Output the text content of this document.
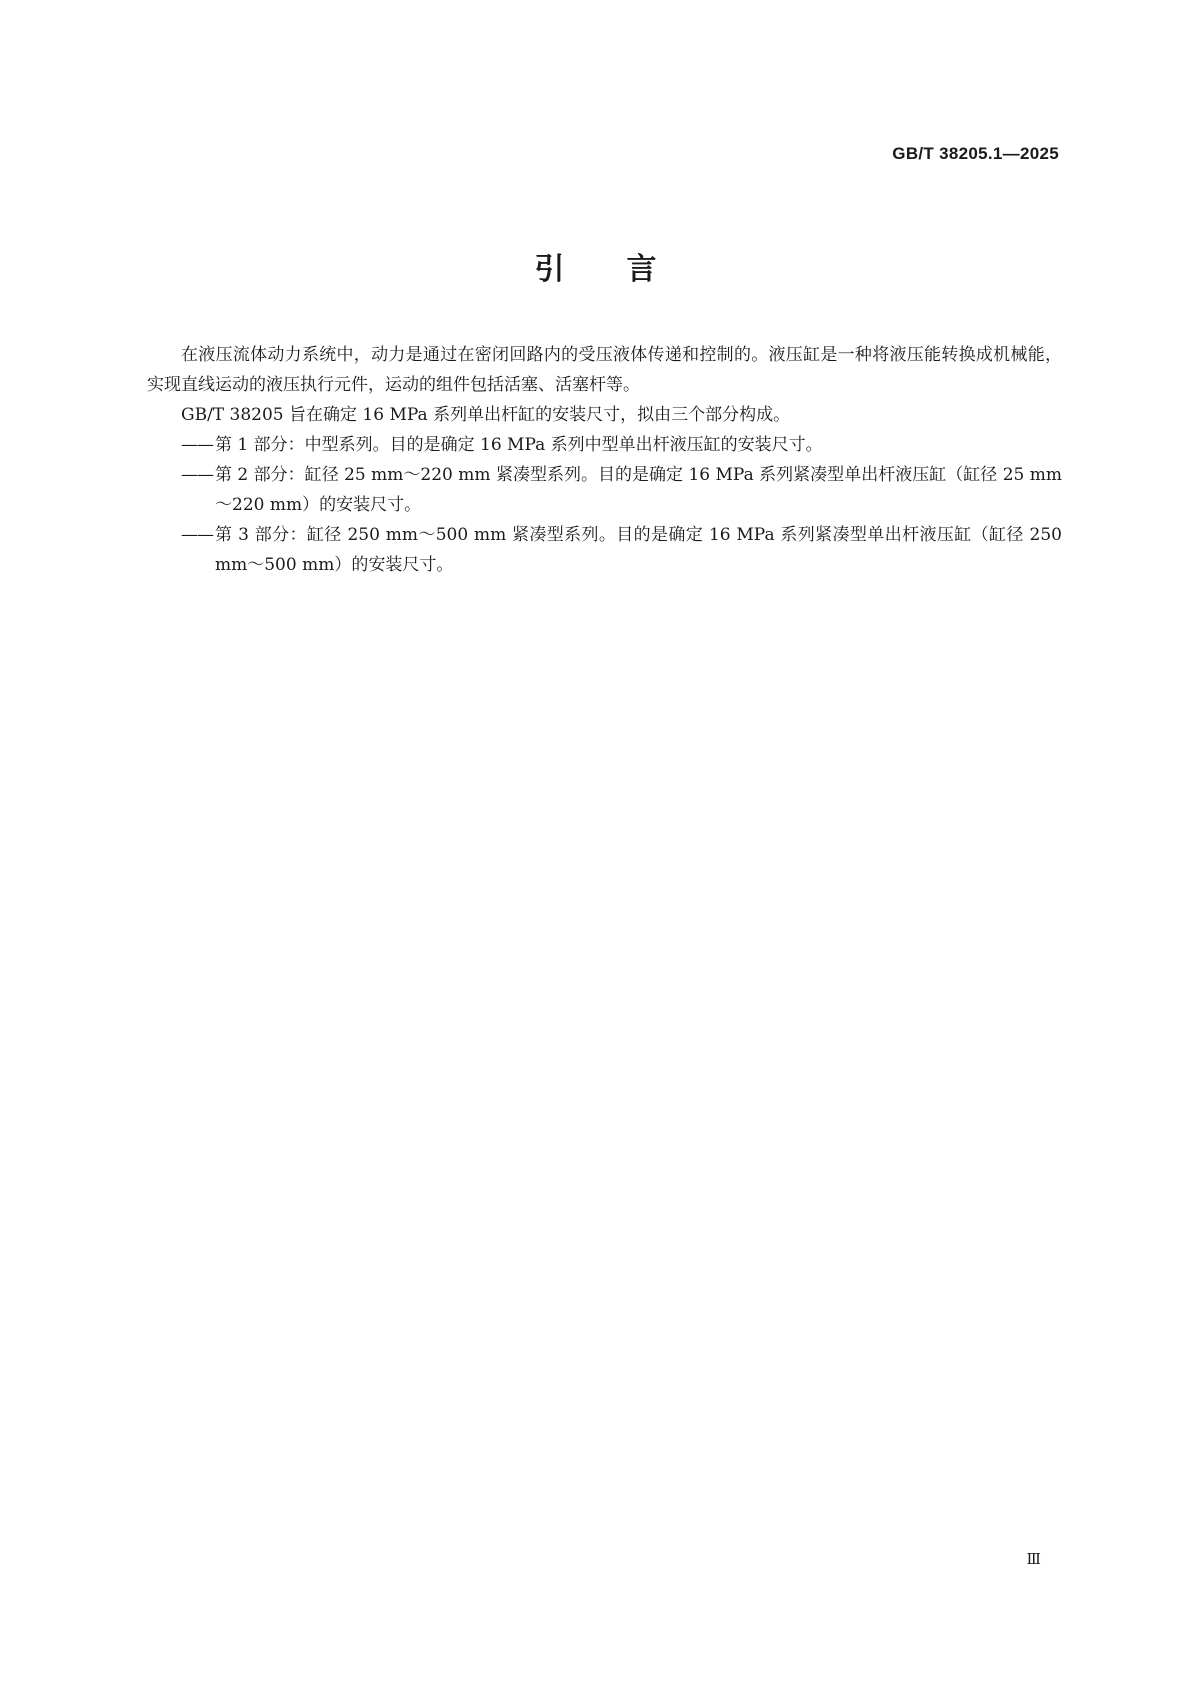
GB/T 38205.1—2025
引言

在液压流体动力系统中，动力是通过在密闭回路内的受压液体传递和控制的。液压缸是一种将液压能转换成机械能，实现直线运动的液压执行元件，运动的组件包括活塞、活塞杆等。

GB/T 38205 旨在确定 16 MPa 系列单出杆缸的安装尺寸，拟由三个部分构成。

—— 第 1 部分：中型系列。目的是确定 16 MPa 系列中型单出杆液压缸的安装尺寸。
—— 第 2 部分：缸径 25 mm～220 mm 紧凑型系列。目的是确定 16 MPa 系列紧凑型单出杆液压缸（缸径 25 mm～220 mm）的安装尺寸。
—— 第 3 部分：缸径 250 mm～500 mm 紧凑型系列。目的是确定 16 MPa 系列紧凑型单出杆液压缸（缸径 250 mm～500 mm）的安装尺寸。
Ⅲ
